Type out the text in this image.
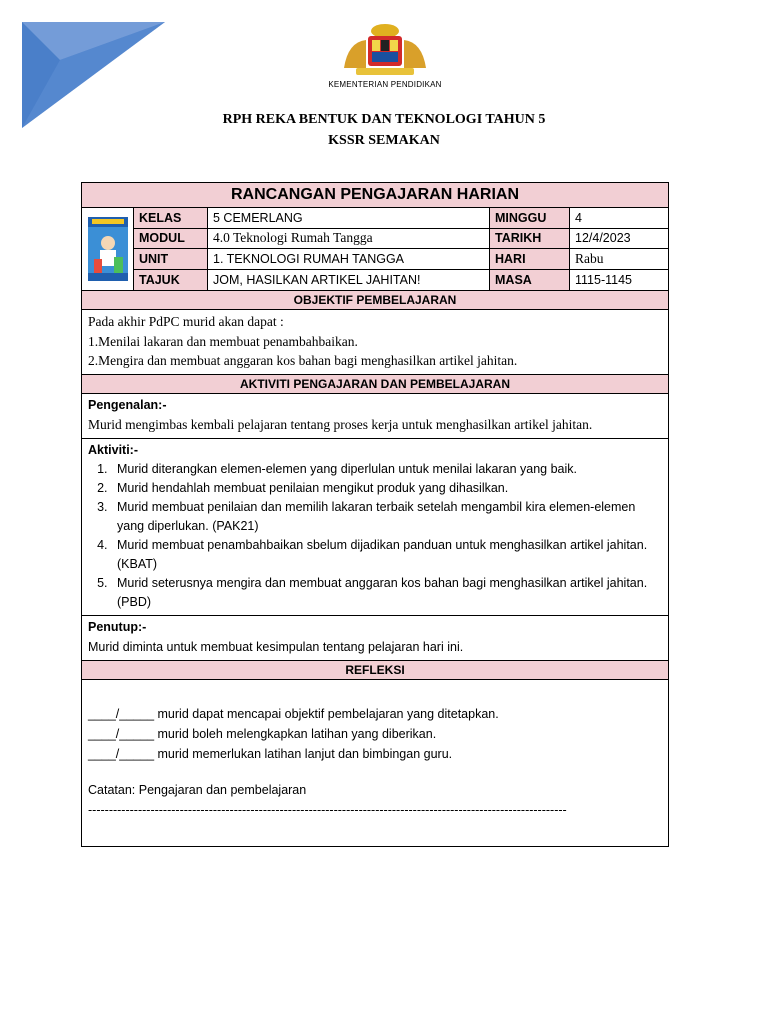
KEMENTERIAN PENDIDIKAN
RPH REKA BENTUK DAN TEKNOLOGI TAHUN 5
KSSR SEMAKAN
RANCANGAN PENGAJARAN HARIAN
KELAS	5 CEMERLANG	MINGGU	4
MODUL	4.0 Teknologi Rumah Tangga	TARIKH	12/4/2023
UNIT	1. TEKNOLOGI RUMAH TANGGA	HARI	Rabu
TAJUK	JOM, HASILKAN ARTIKEL JAHITAN!	MASA	1115-1145
OBJEKTIF PEMBELAJARAN
Pada akhir PdPC murid akan dapat :
1.Menilai lakaran dan membuat penambahbaikan.
2.Mengira dan membuat anggaran kos bahan bagi menghasilkan artikel jahitan.
AKTIVITI PENGAJARAN DAN PEMBELAJARAN
Pengenalan:-
Murid mengimbas kembali pelajaran tentang proses kerja untuk menghasilkan artikel jahitan.
Aktiviti:-
1. Murid diterangkan elemen-elemen yang diperlulan untuk menilai lakaran yang baik.
2. Murid hendahlah membuat penilaian mengikut produk yang dihasilkan.
3. Murid membuat penilaian dan memilih lakaran terbaik setelah mengambil kira elemen-elemen yang diperlukan. (PAK21)
4. Murid membuat penambahbaikan sbelum dijadikan panduan untuk menghasilkan artikel jahitan. (KBAT)
5. Murid seterusnya mengira dan membuat anggaran kos bahan bagi menghasilkan artikel jahitan. (PBD)
Penutup:-
Murid diminta untuk membuat kesimpulan tentang pelajaran hari ini.
REFLEKSI
____/_____ murid dapat mencapai objektif pembelajaran yang ditetapkan.
____/_____ murid boleh melengkapkan latihan yang diberikan.
____/_____ murid memerlukan latihan lanjut dan bimbingan guru.
Catatan: Pengajaran dan pembelajaran
-------------------------------------------------------------------------------------------------------------------
